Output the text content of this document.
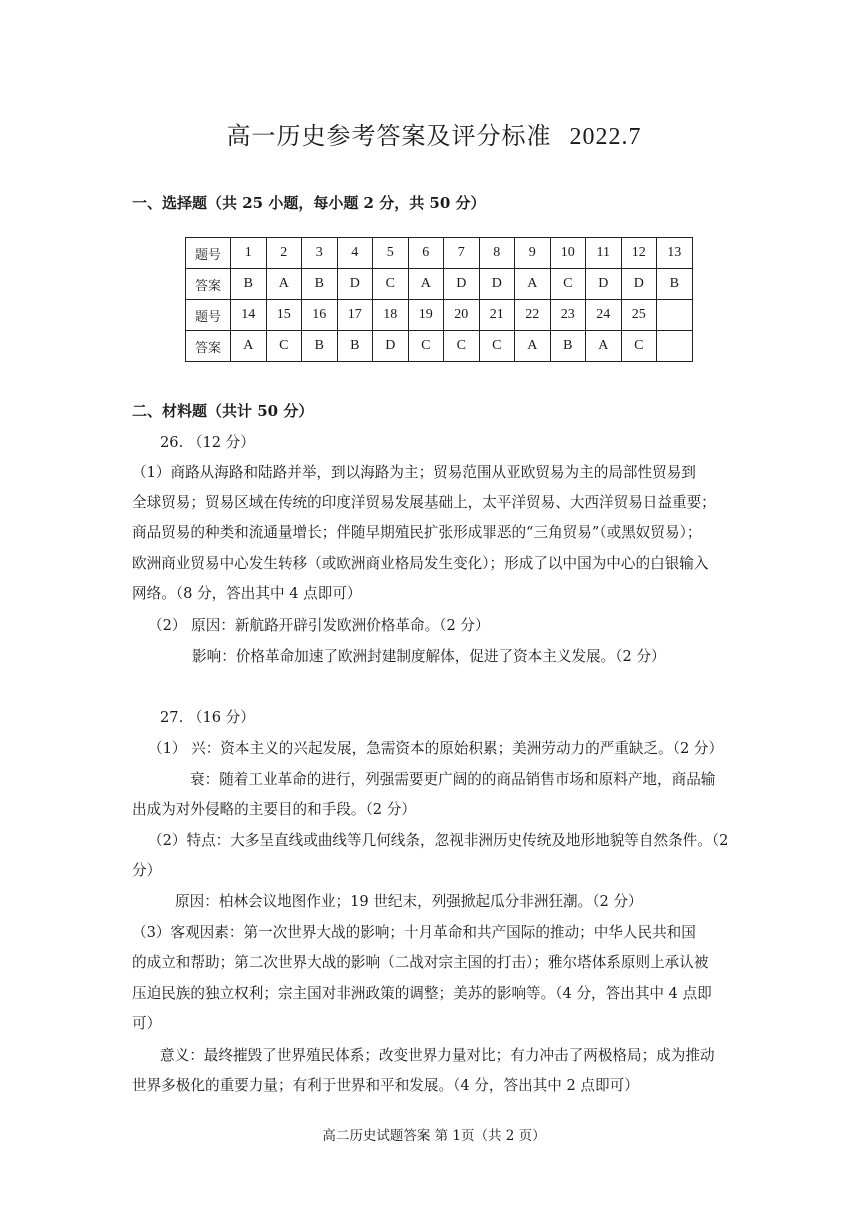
高一历史参考答案及评分标准 2022.7
一、选择题（共 25 小题，每小题 2 分，共 50 分）
题号	1	2	3	4	5	6	7	8	9	10	11	12	13
答案	B	A	B	D	C	A	D	D	A	C	D	D	B
题号	14	15	16	17	18	19	20	21	22	23	24	25	
答案	A	C	B	B	D	C	C	C	A	B	A	C	
二、材料题（共计 50 分）
26. （12 分）
（1）商路从海路和陆路并举，到以海路为主；贸易范围从亚欧贸易为主的局部性贸易到
全球贸易；贸易区域在传统的印度洋贸易发展基础上，太平洋贸易、大西洋贸易日益重要；
商品贸易的种类和流通量增长；伴随早期殖民扩张形成罪恶的“三角贸易”（或黑奴贸易）；
欧洲商业贸易中心发生转移（或欧洲商业格局发生变化）；形成了以中国为中心的白银输入
网络。（8 分，答出其中 4 点即可）
（2） 原因：新航路开辟引发欧洲价格革命。（2 分）
影响：价格革命加速了欧洲封建制度解体，促进了资本主义发展。（2 分）
27. （16 分）
（1） 兴：资本主义的兴起发展，急需资本的原始积累；美洲劳动力的严重缺乏。（2 分）
衰：随着工业革命的进行，列强需要更广阔的的商品销售市场和原料产地，商品输
出成为对外侵略的主要目的和手段。（2 分）
（2）特点：大多呈直线或曲线等几何线条，忽视非洲历史传统及地形地貌等自然条件。（2
分）
原因：柏林会议地图作业；19 世纪末，列强掀起瓜分非洲狂潮。（2 分）
（3）客观因素：第一次世界大战的影响；十月革命和共产国际的推动；中华人民共和国
的成立和帮助；第二次世界大战的影响（二战对宗主国的打击）；雅尔塔体系原则上承认被
压迫民族的独立权利；宗主国对非洲政策的调整；美苏的影响等。（4 分，答出其中 4 点即
可）
意义：最终摧毁了世界殖民体系；改变世界力量对比；有力冲击了两极格局；成为推动
世界多极化的重要力量；有利于世界和平和发展。（4 分，答出其中 2 点即可）
高二历史试题答案 第 1页（共 2 页）
